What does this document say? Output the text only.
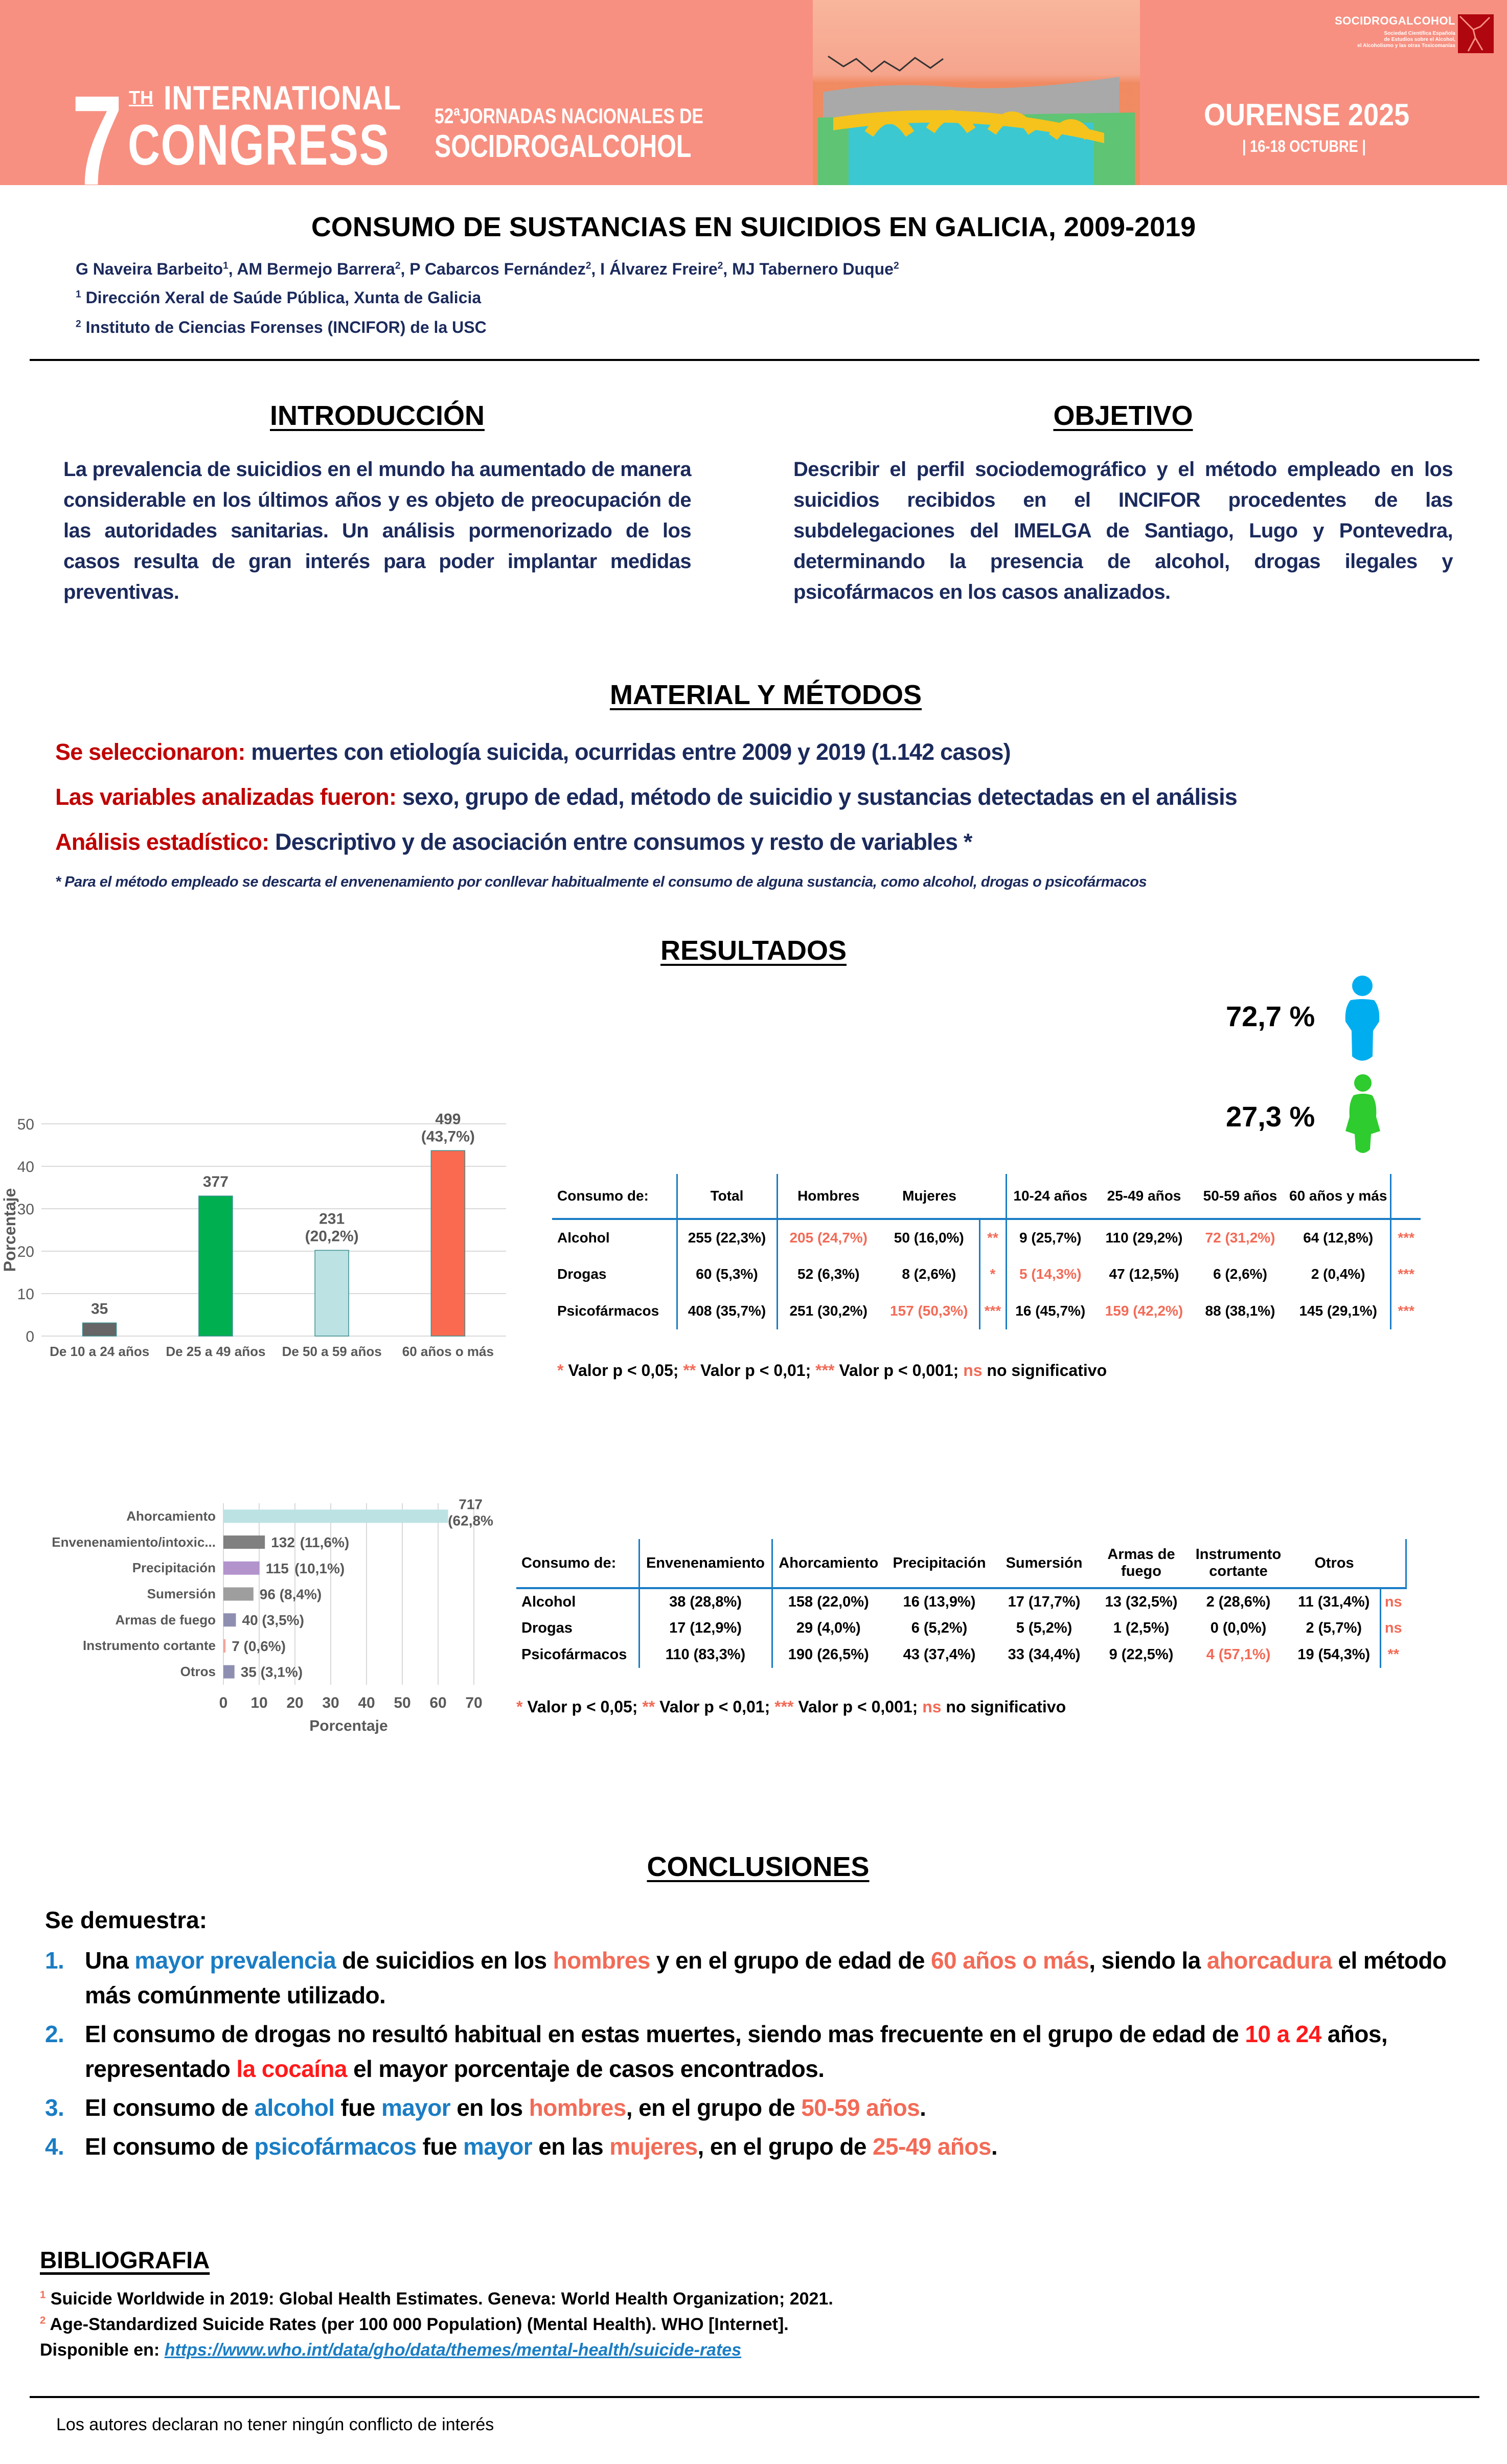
7 TH INTERNATIONAL
CONGRESS 52ªJORNADAS NACIONALES DE
SOCIDROGALCOHOL
OURENSE 2025
| 16-18 OCTUBRE |
SOCIDROGALCOHOL
Sociedad Científica Española
de Estudios sobre el Alcohol,
el Alcoholismo y las otras Toxicomanías
CONSUMO DE SUSTANCIAS EN SUICIDIOS EN GALICIA, 2009-2019
G Naveira Barbeito$^1$, AM Bermejo Barrera$^2$, P Cabarcos Fernández$^2$, I Álvarez Freire$^2$, MJ Tabernero Duque$^2$
$^1$ Dirección Xeral de Saúde Pública, Xunta de Galicia
$^2$ Instituto de Ciencias Forenses (INCIFOR) de la USC
INTRODUCCIÓN
La prevalencia de suicidios en el mundo ha aumentado de manera considerable en los últimos años y es objeto de preocupación de las autoridades sanitarias. Un análisis pormenorizado de los casos resulta de gran interés para poder implantar medidas preventivas.
OBJETIVO
Describir el perfil sociodemográfico y el método empleado en los suicidios recibidos en el INCIFOR procedentes de las subdelegaciones del IMELGA de Santiago, Lugo y Pontevedra, determinando la presencia de alcohol, drogas ilegales y psicofármacos en los casos analizados.
MATERIAL Y MÉTODOS
Se seleccionaron: muertes con etiología suicida, ocurridas entre 2009 y 2019 (1.142 casos)
Las variables analizadas fueron: sexo, grupo de edad, método de suicidio y sustancias detectadas en el análisis
Análisis estadístico: Descriptivo y de asociación entre consumos y resto de variables *
* Para el método empleado se descarta el envenenamiento por conllevar habitualmente el consumo de alguna sustancia, como alcohol, drogas o psicofármacos
RESULTADOS
72,7 %
27,3 %
0
10
20
30
40
50
Porcentaje
35
377
231
(20,2%)
499
(43,7%)
De 10 a 24 años	De 25 a 49 años	De 50 a 59 años	60 años o más
Consumo de:	Total	Hombres	Mujeres		10-24 años	25-49 años	50-59 años	60 años y más	
Alcohol	255 (22,3%)	205 (24,7%)	50 (16,0%)	**	9 (25,7%)	110 (29,2%)	72 (31,2%)	64 (12,8%)	***
Drogas	60 (5,3%)	52 (6,3%)	8 (2,6%)	*	5 (14,3%)	47 (12,5%)	6 (2,6%)	2 (0,4%)	***
Psicofármacos	408 (35,7%)	251 (30,2%)	157 (50,3%)	***	16 (45,7%)	159 (42,2%)	88 (38,1%)	145 (29,1%)	***
* Valor p < 0,05; ** Valor p < 0,01; *** Valor p < 0,001; ns no significativo
Ahorcamiento
Envenenamiento/intoxic...
Precipitación
Sumersión
Armas de fuego
Instrumento cortante
Otros
0 10 20 30 40 50 60 70
Porcentaje
717
(62,8%
132 (11,6%)
115 (10,1%)
96 (8,4%)
40 (3,5%)
7 (0,6%)
35 (3,1%)
Consumo de:	Envenenamiento	Ahorcamiento	Precipitación	Sumersión	Armas de fuego	Instrumento cortante	Otros	
Alcohol	38 (28,8%)	158 (22,0%)	16 (13,9%)	17 (17,7%)	13 (32,5%)	2 (28,6%)	11 (31,4%)	ns
Drogas	17 (12,9%)	29 (4,0%)	6 (5,2%)	5 (5,2%)	1 (2,5%)	0 (0,0%)	2 (5,7%)	ns
Psicofármacos	110 (83,3%)	190 (26,5%)	43 (37,4%)	33 (34,4%)	9 (22,5%)	4 (57,1%)	19 (54,3%)	**
* Valor p < 0,05; ** Valor p < 0,01; *** Valor p < 0,001; ns no significativo
CONCLUSIONES
Se demuestra:
1. Una mayor prevalencia de suicidios en los hombres y en el grupo de edad de 60 años o más, siendo la ahorcadura el método más comúnmente utilizado.
2. El consumo de drogas no resultó habitual en estas muertes, siendo mas frecuente en el grupo de edad de 10 a 24 años, representado la cocaína el mayor porcentaje de casos encontrados.
3. El consumo de alcohol fue mayor en los hombres, en el grupo de 50-59 años.
4. El consumo de psicofármacos fue mayor en las mujeres, en el grupo de 25-49 años.
BIBLIOGRAFIA
$^1$ Suicide Worldwide in 2019: Global Health Estimates. Geneva: World Health Organization; 2021.
$^2$ Age-Standardized Suicide Rates (per 100 000 Population) (Mental Health). WHO [Internet].
Disponible en: https://www.who.int/data/gho/data/themes/mental-health/suicide-rates
Los autores declaran no tener ningún conflicto de interés
